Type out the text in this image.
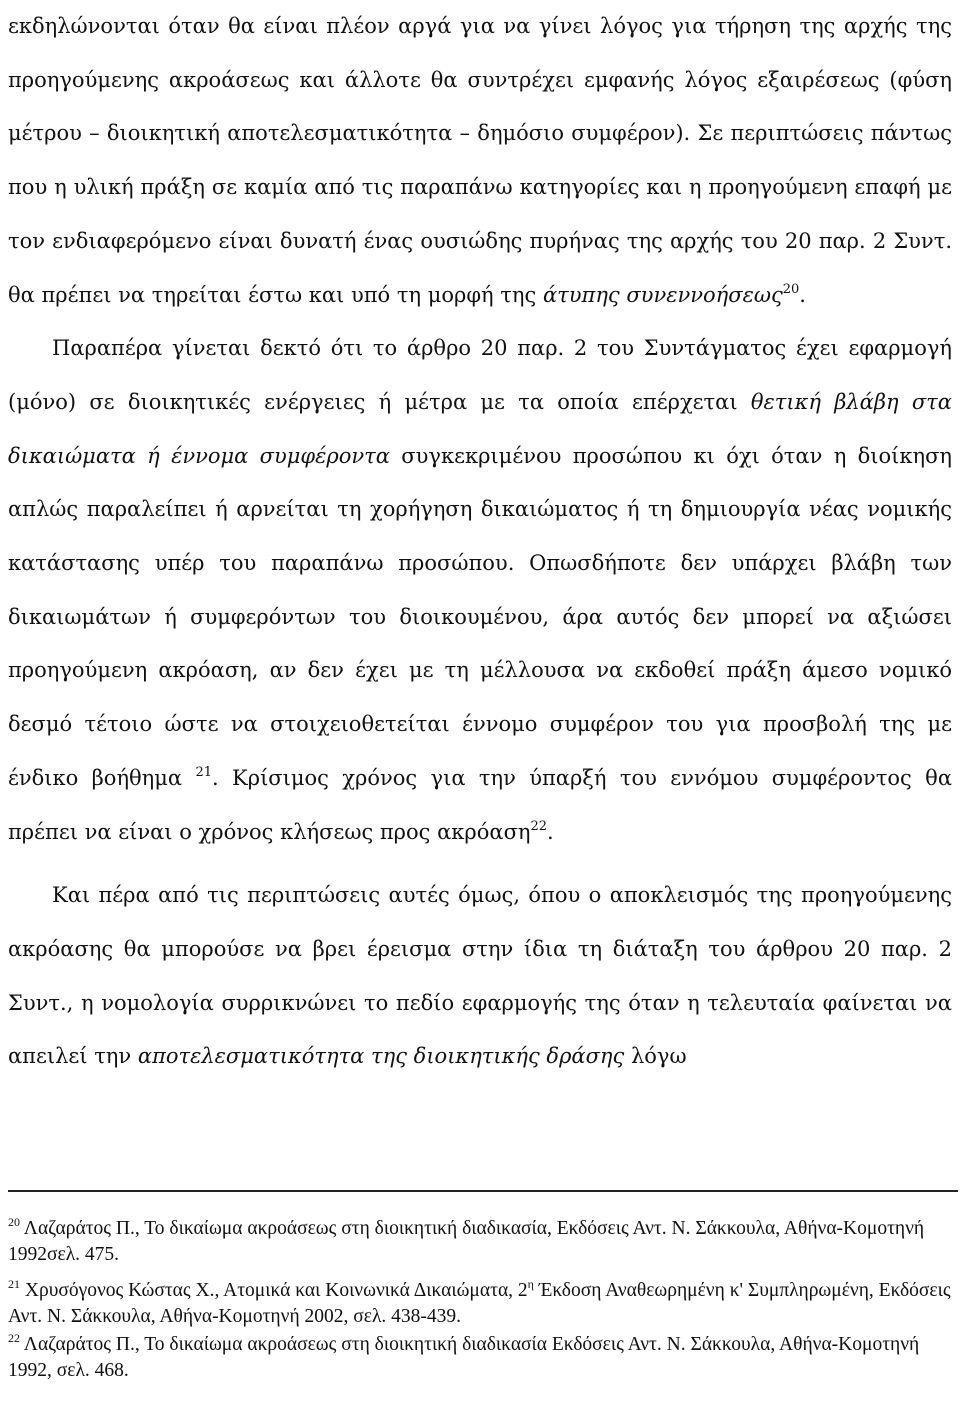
εκδηλώνονται όταν θα είναι πλέον αργά για να γίνει λόγος για τήρηση της αρχής της προηγούμενης ακροάσεως και άλλοτε θα συντρέχει εμφανής λόγος εξαιρέσεως (φύση μέτρου – διοικητική αποτελεσματικότητα – δημόσιο συμφέρον). Σε περιπτώσεις πάντως που η υλική πράξη σε καμία από τις παραπάνω κατηγορίες και η προηγούμενη επαφή με τον ενδιαφερόμενο είναι δυνατή ένας ουσιώδης πυρήνας της αρχής του 20 παρ. 2 Συντ. θα πρέπει να τηρείται έστω και υπό τη μορφή της άτυπης συνεννοήσεως$^{20}$.

Παραπέρα γίνεται δεκτό ότι το άρθρο 20 παρ. 2 του Συντάγματος έχει εφαρμογή (μόνο) σε διοικητικές ενέργειες ή μέτρα με τα οποία επέρχεται θετική βλάβη στα δικαιώματα ή έννομα συμφέροντα συγκεκριμένου προσώπου κι όχι όταν η διοίκηση απλώς παραλείπει ή αρνείται τη χορήγηση δικαιώματος ή τη δημιουργία νέας νομικής κατάστασης υπέρ του παραπάνω προσώπου. Οπωσδήποτε δεν υπάρχει βλάβη των δικαιωμάτων ή συμφερόντων του διοικουμένου, άρα αυτός δεν μπορεί να αξιώσει προηγούμενη ακρόαση, αν δεν έχει με τη μέλλουσα να εκδοθεί πράξη άμεσο νομικό δεσμό τέτοιο ώστε να στοιχειοθετείται έννομο συμφέρον του για προσβολή της με ένδικο βοήθημα $^{21}$. Κρίσιμος χρόνος για την ύπαρξή του εννόμου συμφέροντος θα πρέπει να είναι ο χρόνος κλήσεως προς ακρόαση$^{22}$.

Και πέρα από τις περιπτώσεις αυτές όμως, όπου ο αποκλεισμός της προηγούμενης ακρόασης θα μπορούσε να βρει έρεισμα στην ίδια τη διάταξη του άρθρου 20 παρ. 2 Συντ., η νομολογία συρρικνώνει το πεδίο εφαρμογής της όταν η τελευταία φαίνεται να απειλεί την αποτελεσματικότητα της διοικητικής δράσης λόγω

$^{20}$ Λαζαράτος Π., Το δικαίωμα ακροάσεως στη διοικητική διαδικασία, Εκδόσεις Αντ. Ν. Σάκκουλα, Αθήνα-Κομοτηνή 1992σελ. 475.
$^{21}$ Χρυσόγονος Κώστας Χ., Ατομικά και Κοινωνικά Δικαιώματα, $2^\eta$ Έκδοση Αναθεωρημένη κ' Συμπληρωμένη, Εκδόσεις Αντ. Ν. Σάκκουλα, Αθήνα-Κομοτηνή 2002, σελ. 438-439.
$^{22}$ Λαζαράτος Π., Το δικαίωμα ακροάσεως στη διοικητική διαδικασία Εκδόσεις Αντ. Ν. Σάκκουλα, Αθήνα-Κομοτηνή 1992, σελ. 468.
